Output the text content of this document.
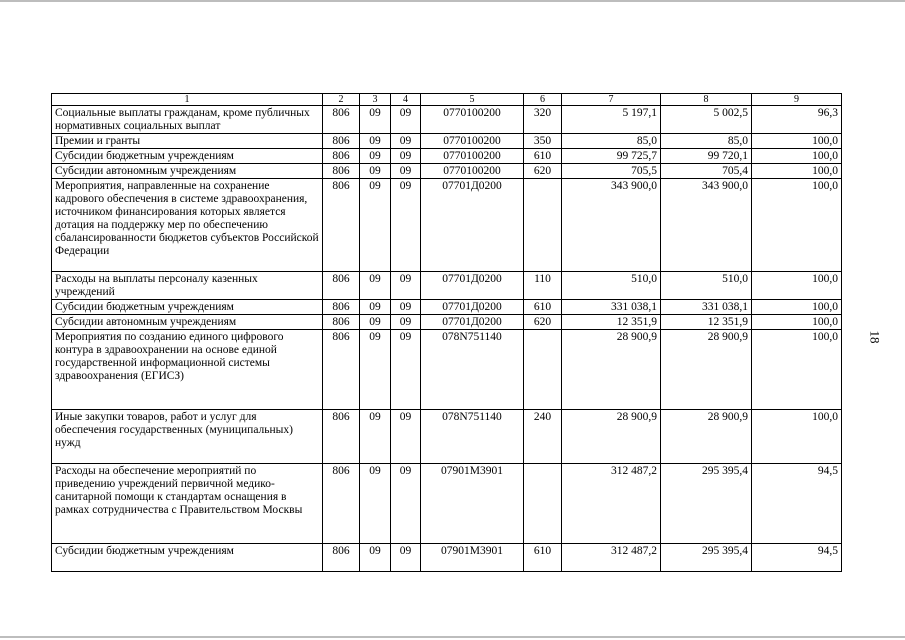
18
1	2	3	4	5	6	7	8	9
Социальные выплаты гражданам, кроме публичных нормативных социальных выплат	806	09	09	0770100200	320	5 197,1	5 002,5	96,3
Премии и гранты	806	09	09	0770100200	350	85,0	85,0	100,0
Субсидии бюджетным учреждениям	806	09	09	0770100200	610	99 725,7	99 720,1	100,0
Субсидии автономным учреждениям	806	09	09	0770100200	620	705,5	705,4	100,0
Мероприятия, направленные на сохранение кадрового обеспечения в системе здравоохранения, источником финансирования которых является дотация на поддержку мер по обеспечению сбалансированности бюджетов субъектов Российской Федерации	806	09	09	07701Д0200		343 900,0	343 900,0	100,0
Расходы на выплаты персоналу казенных учреждений	806	09	09	07701Д0200	110	510,0	510,0	100,0
Субсидии бюджетным учреждениям	806	09	09	07701Д0200	610	331 038,1	331 038,1	100,0
Субсидии автономным учреждениям	806	09	09	07701Д0200	620	12 351,9	12 351,9	100,0
Мероприятия по созданию единого цифрового контура в здравоохранении на основе единой государственной информационной системы здравоохранения (ЕГИСЗ)	806	09	09	078N751140		28 900,9	28 900,9	100,0
Иные закупки товаров, работ и услуг для обеспечения государственных (муниципальных) нужд	806	09	09	078N751140	240	28 900,9	28 900,9	100,0
Расходы на обеспечение мероприятий по приведению учреждений первичной медико-санитарной помощи к стандартам оснащения в рамках сотрудничества с Правительством Москвы	806	09	09	07901М3901		312 487,2	295 395,4	94,5
Субсидии бюджетным учреждениям	806	09	09	07901М3901	610	312 487,2	295 395,4	94,5
